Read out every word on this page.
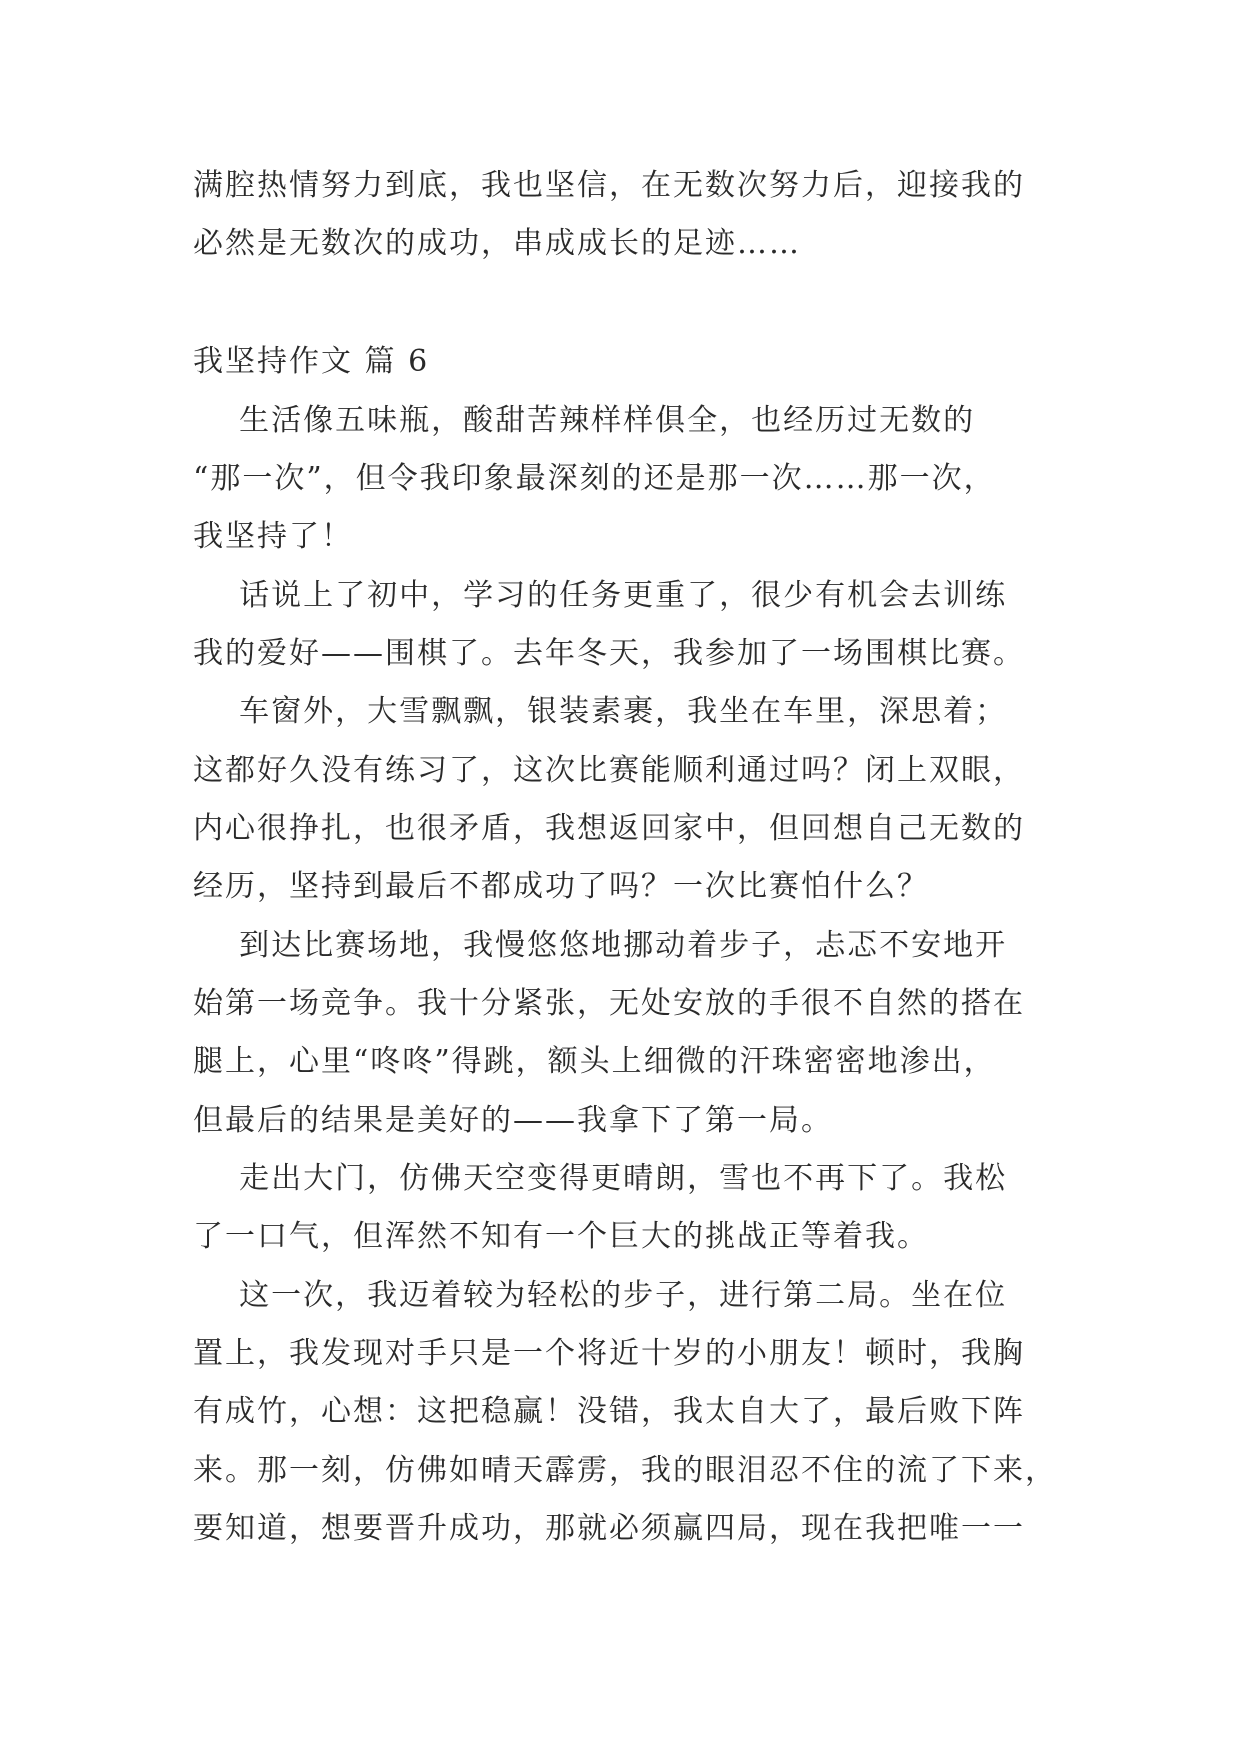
满腔热情努力到底，我也坚信，在无数次努力后，迎接我的
必然是无数次的成功，串成成长的足迹……
我坚持作文 篇 6
生活像五味瓶，酸甜苦辣样样俱全，也经历过无数的
“那一次”，但令我印象最深刻的还是那一次……那一次，
我坚持了！
话说上了初中，学习的任务更重了，很少有机会去训练
我的爱好——围棋了。去年冬天，我参加了一场围棋比赛。
车窗外，大雪飘飘，银装素裹，我坐在车里，深思着；
这都好久没有练习了，这次比赛能顺利通过吗？闭上双眼，
内心很挣扎，也很矛盾，我想返回家中，但回想自己无数的
经历，坚持到最后不都成功了吗？一次比赛怕什么？
到达比赛场地，我慢悠悠地挪动着步子，忐忑不安地开
始第一场竞争。我十分紧张，无处安放的手很不自然的搭在
腿上，心里“咚咚”得跳，额头上细微的汗珠密密地渗出，
但最后的结果是美好的——我拿下了第一局。
走出大门，仿佛天空变得更晴朗，雪也不再下了。我松
了一口气，但浑然不知有一个巨大的挑战正等着我。
这一次，我迈着较为轻松的步子，进行第二局。坐在位
置上，我发现对手只是一个将近十岁的小朋友！顿时，我胸
有成竹，心想：这把稳赢！没错，我太自大了，最后败下阵
来。那一刻，仿佛如晴天霹雳，我的眼泪忍不住的流了下来，
要知道，想要晋升成功，那就必须赢四局，现在我把唯一一
